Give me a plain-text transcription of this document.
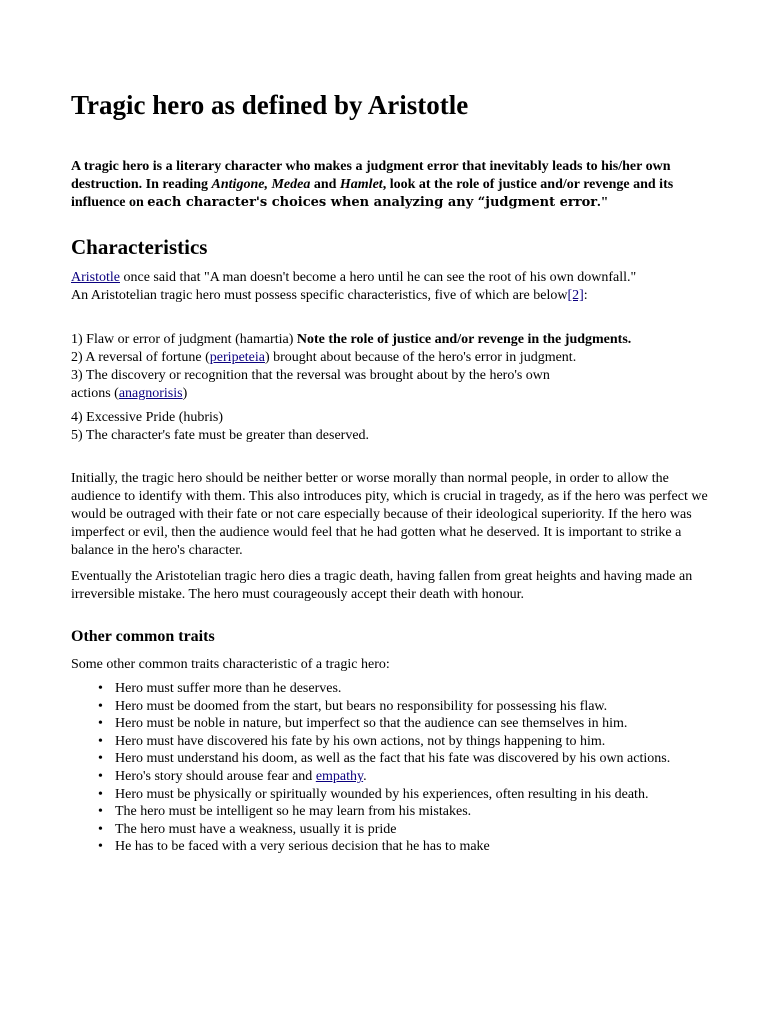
Tragic hero as defined by Aristotle

A tragic hero is a literary character who makes a judgment error that inevitably leads to his/her own destruction. In reading Antigone, Medea and Hamlet, look at the role of justice and/or revenge and its influence on each character's choices when analyzing any “judgment error."

Characteristics

Aristotle once said that "A man doesn't become a hero until he can see the root of his own downfall."
An Aristotelian tragic hero must possess specific characteristics, five of which are below[2]:

1) Flaw or error of judgment (hamartia) Note the role of justice and/or revenge in the judgments.
2) A reversal of fortune (peripeteia) brought about because of the hero's error in judgment.
3) The discovery or recognition that the reversal was brought about by the hero's own
actions (anagnorisis)
4) Excessive Pride (hubris)
5) The character's fate must be greater than deserved.

Initially, the tragic hero should be neither better or worse morally than normal people, in order to allow the audience to identify with them. This also introduces pity, which is crucial in tragedy, as if the hero was perfect we would be outraged with their fate or not care especially because of their ideological superiority. If the hero was imperfect or evil, then the audience would feel that he had gotten what he deserved. It is important to strike a balance in the hero's character.

Eventually the Aristotelian tragic hero dies a tragic death, having fallen from great heights and having made an irreversible mistake. The hero must courageously accept their death with honour.

Other common traits

Some other common traits characteristic of a tragic hero:

• Hero must suffer more than he deserves.
• Hero must be doomed from the start, but bears no responsibility for possessing his flaw.
• Hero must be noble in nature, but imperfect so that the audience can see themselves in him.
• Hero must have discovered his fate by his own actions, not by things happening to him.
• Hero must understand his doom, as well as the fact that his fate was discovered by his own actions.
• Hero's story should arouse fear and empathy.
• Hero must be physically or spiritually wounded by his experiences, often resulting in his death.
• The hero must be intelligent so he may learn from his mistakes.
• The hero must have a weakness, usually it is pride
• He has to be faced with a very serious decision that he has to make
